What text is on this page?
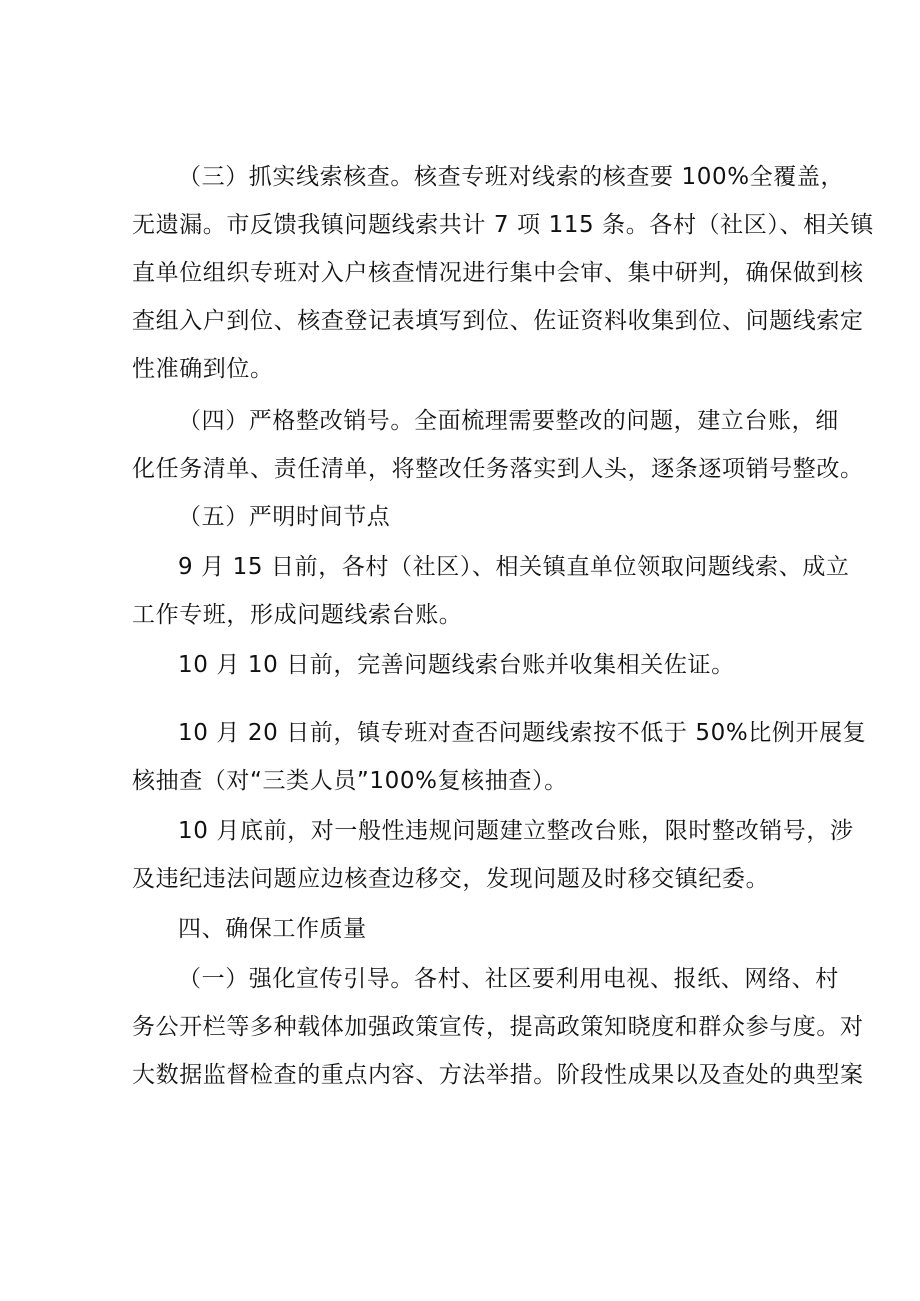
（三）抓实线索核查。核查专班对线索的核查要 100%全覆盖，
无遗漏。市反馈我镇问题线索共计 7 项 115 条。各村（社区）、相关镇
直单位组织专班对入户核查情况进行集中会审、集中研判，确保做到核
查组入户到位、核查登记表填写到位、佐证资料收集到位、问题线索定
性准确到位。
（四）严格整改销号。全面梳理需要整改的问题，建立台账，细
化任务清单、责任清单，将整改任务落实到人头，逐条逐项销号整改。
（五）严明时间节点
9 月 15 日前，各村（社区）、相关镇直单位领取问题线索、成立
工作专班，形成问题线索台账。
10 月 10 日前，完善问题线索台账并收集相关佐证。
10 月 20 日前，镇专班对查否问题线索按不低于 50%比例开展复
核抽查（对“三类人员”100%复核抽查）。
10 月底前，对一般性违规问题建立整改台账，限时整改销号，涉
及违纪违法问题应边核查边移交，发现问题及时移交镇纪委。
四、确保工作质量
（一）强化宣传引导。各村、社区要利用电视、报纸、网络、村
务公开栏等多种载体加强政策宣传，提高政策知晓度和群众参与度。对
大数据监督检查的重点内容、方法举措。阶段性成果以及查处的典型案
